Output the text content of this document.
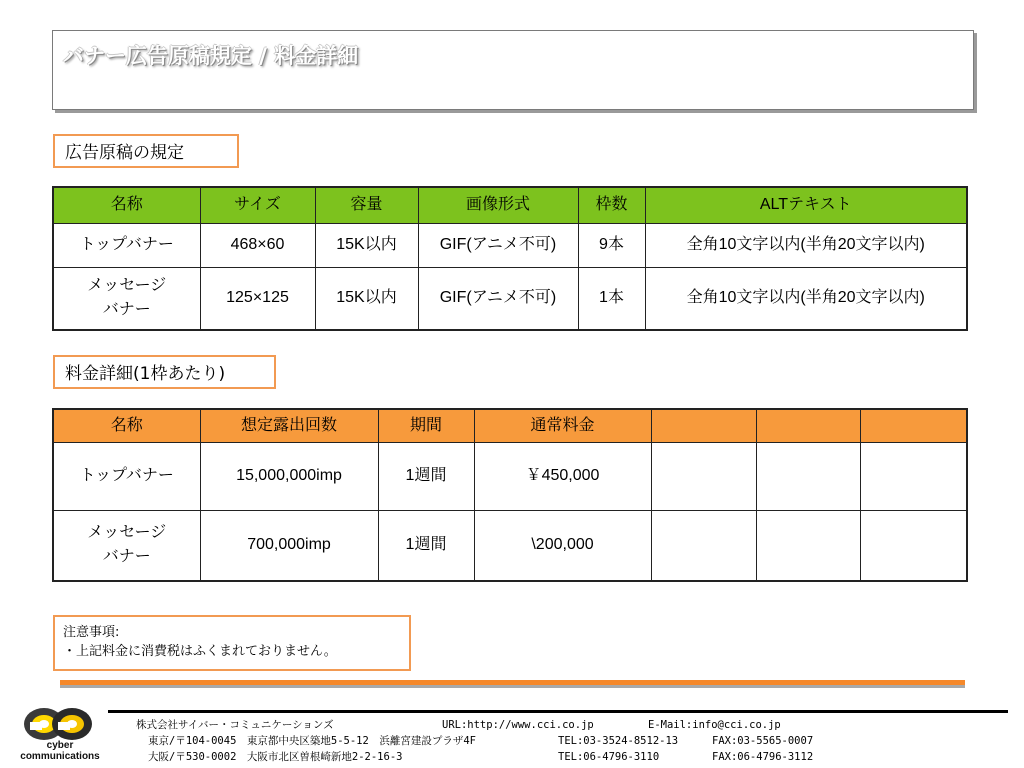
バナー広告原稿規定 / 料金詳細
広告原稿の規定
名称	サイズ	容量	画像形式	枠数	ALTテキスト
トップバナー	468×60	15K以内	GIF(アニメ不可)	9本	全角10文字以内(半角20文字以内)

メッセージ
バナー	125×125	15K以内	GIF(アニメ不可)	1本	全角10文字以内(半角20文字以内)
料金詳細(1枠あたり)
名称	想定露出回数	期間	通常料金			
トップバナー	15,000,000imp	1週間	￥450,000			

メッセージ
バナー	700,000imp	1週間	\200,000			
注意事項:
・上記料金に消費税はふくまれておりません。
cyber
communications
株式会社サイバー・コミュニケーションズ	URL:http://www.cci.co.jp	E-Mail:info@cci.co.jp
東京/〒104-0045　東京都中央区築地5-5-12　浜離宮建設プラザ4F	TEL:03-3524-8512-13	FAX:03-5565-0007
大阪/〒530-0002　大阪市北区曽根崎新地2-2-16-3	TEL:06-4796-3110	FAX:06-4796-3112
